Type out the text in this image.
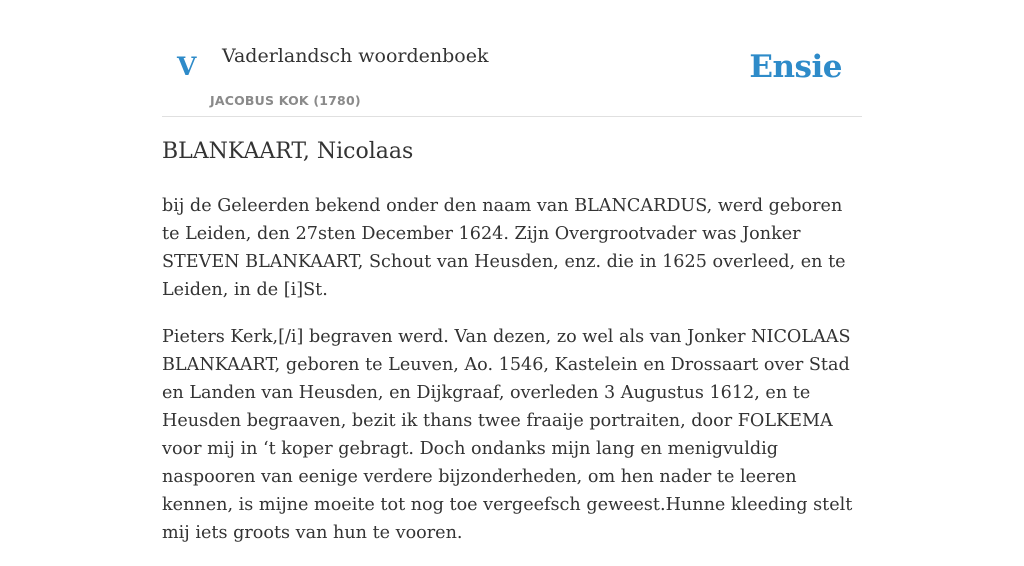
V Vaderlandsch woordenboek
JACOBUS KOK (1780)
Ensie
BLANKAART, Nicolaas

bij de Geleerden bekend onder den naam van BLANCARDUS, werd geboren te Leiden, den 27sten December 1624. Zijn Overgrootvader was Jonker STEVEN BLANKAART, Schout van Heusden, enz. die in 1625 overleed, en te Leiden, in de [i]St.

Pieters Kerk,[/i] begraven werd. Van dezen, zo wel als van Jonker NICOLAAS BLANKAART, geboren te Leuven, Ao. 1546, Kastelein en Drossaart over Stad en Landen van Heusden, en Dijkgraaf, overleden 3 Augustus 1612, en te Heusden begraaven, bezit ik thans twee fraaije portraiten, door FOLKEMA voor mij in ‘t koper gebragt. Doch ondanks mijn lang en menigvuldig naspooren van eenige verdere bijzonderheden, om hen nader te leeren kennen, is mijne moeite tot nog toe vergeefsch geweest.Hunne kleeding stelt mij iets groots van hun te vooren.
